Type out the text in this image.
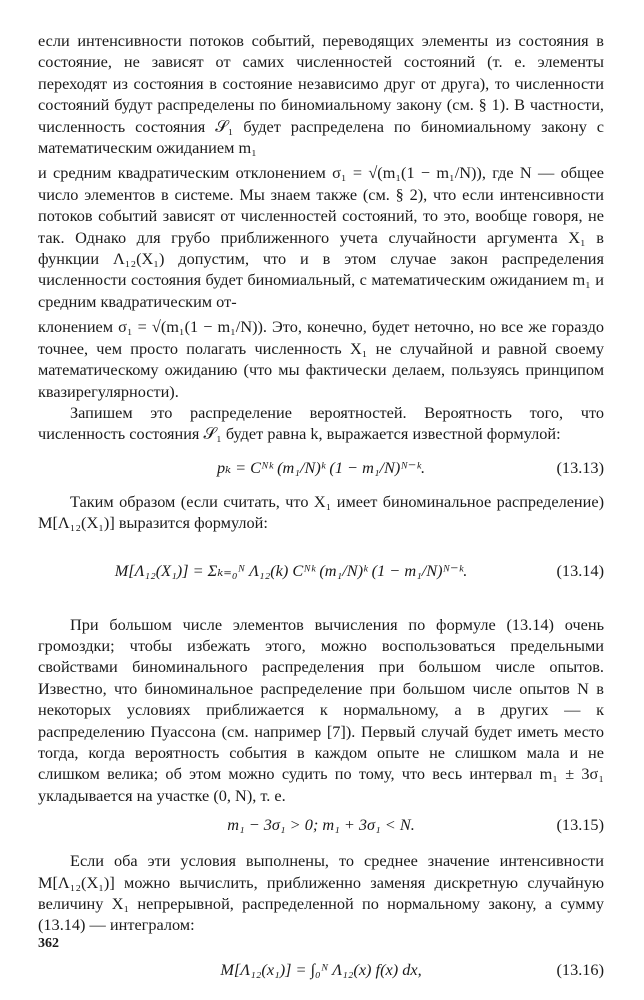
если интенсивности потоков событий, переводящих элементы из состояния в состояние, не зависят от самих численностей состояний (т. е. элементы переходят из состояния в состояние независимо друг от друга), то численности состояний будут распределены по биномиальному закону (см. § 1). В частности, численность состояния 𝒮₁ будет распределена по биномиальному закону с математическим ожиданием m₁

и средним квадратическим отклонением σ₁ = √(m₁(1 − m₁/N)), где N — общее число элементов в системе. Мы знаем также (см. § 2), что если интенсивности потоков событий зависят от численностей состояний, то это, вообще говоря, не так. Однако для грубо приближенного учета случайности аргумента X₁ в функции Λ₁₂(X₁) допустим, что и в этом случае закон распределения численности состояния будет биномиальный, с математическим ожиданием m₁ и средним квадратическим от-

клонением σ₁ = √(m₁(1 − m₁/N)). Это, конечно, будет неточно, но все же гораздо точнее, чем просто полагать численность X₁ не случайной и равной своему математическому ожиданию (что мы фактически делаем, пользуясь принципом квазирегулярности).

Запишем это распределение вероятностей. Вероятность того, что численность состояния 𝒮₁ будет равна k, выражается известной формулой:

pₖ = Cᴺᵏ (m₁/N)ᵏ (1 − m₁/N)ᴺ⁻ᵏ.	(13.13)

Таким образом (если считать, что X₁ имеет биноминальное распределение) M[Λ₁₂(X₁)] выразится формулой:

M[Λ₁₂(X₁)] = Σₖ₌₀ᴺ Λ₁₂(k) Cᴺᵏ (m₁/N)ᵏ (1 − m₁/N)ᴺ⁻ᵏ.	(13.14)

При большом числе элементов вычисления по формуле (13.14) очень громоздки; чтобы избежать этого, можно воспользоваться предельными свойствами биноминального распределения при большом числе опытов. Известно, что биноминальное распределение при большом числе опытов N в некоторых условиях приближается к нормальному, а в других — к распределению Пуассона (см. например [7]). Первый случай будет иметь место тогда, когда вероятность события в каждом опыте не слишком мала и не слишком велика; об этом можно судить по тому, что весь интервал m₁ ± 3σ₁ укладывается на участке (0, N), т. е.

m₁ − 3σ₁ > 0; m₁ + 3σ₁ < N.	(13.15)

Если оба эти условия выполнены, то среднее значение интенсивности M[Λ₁₂(X₁)] можно вычислить, приближенно заменяя дискретную случайную величину X₁ непрерывной, распределенной по нормальному закону, а сумму (13.14) — интегралом:

M[Λ₁₂(x₁)] = ∫₀ᴺ Λ₁₂(x) f(x) dx,	(13.16)
362
